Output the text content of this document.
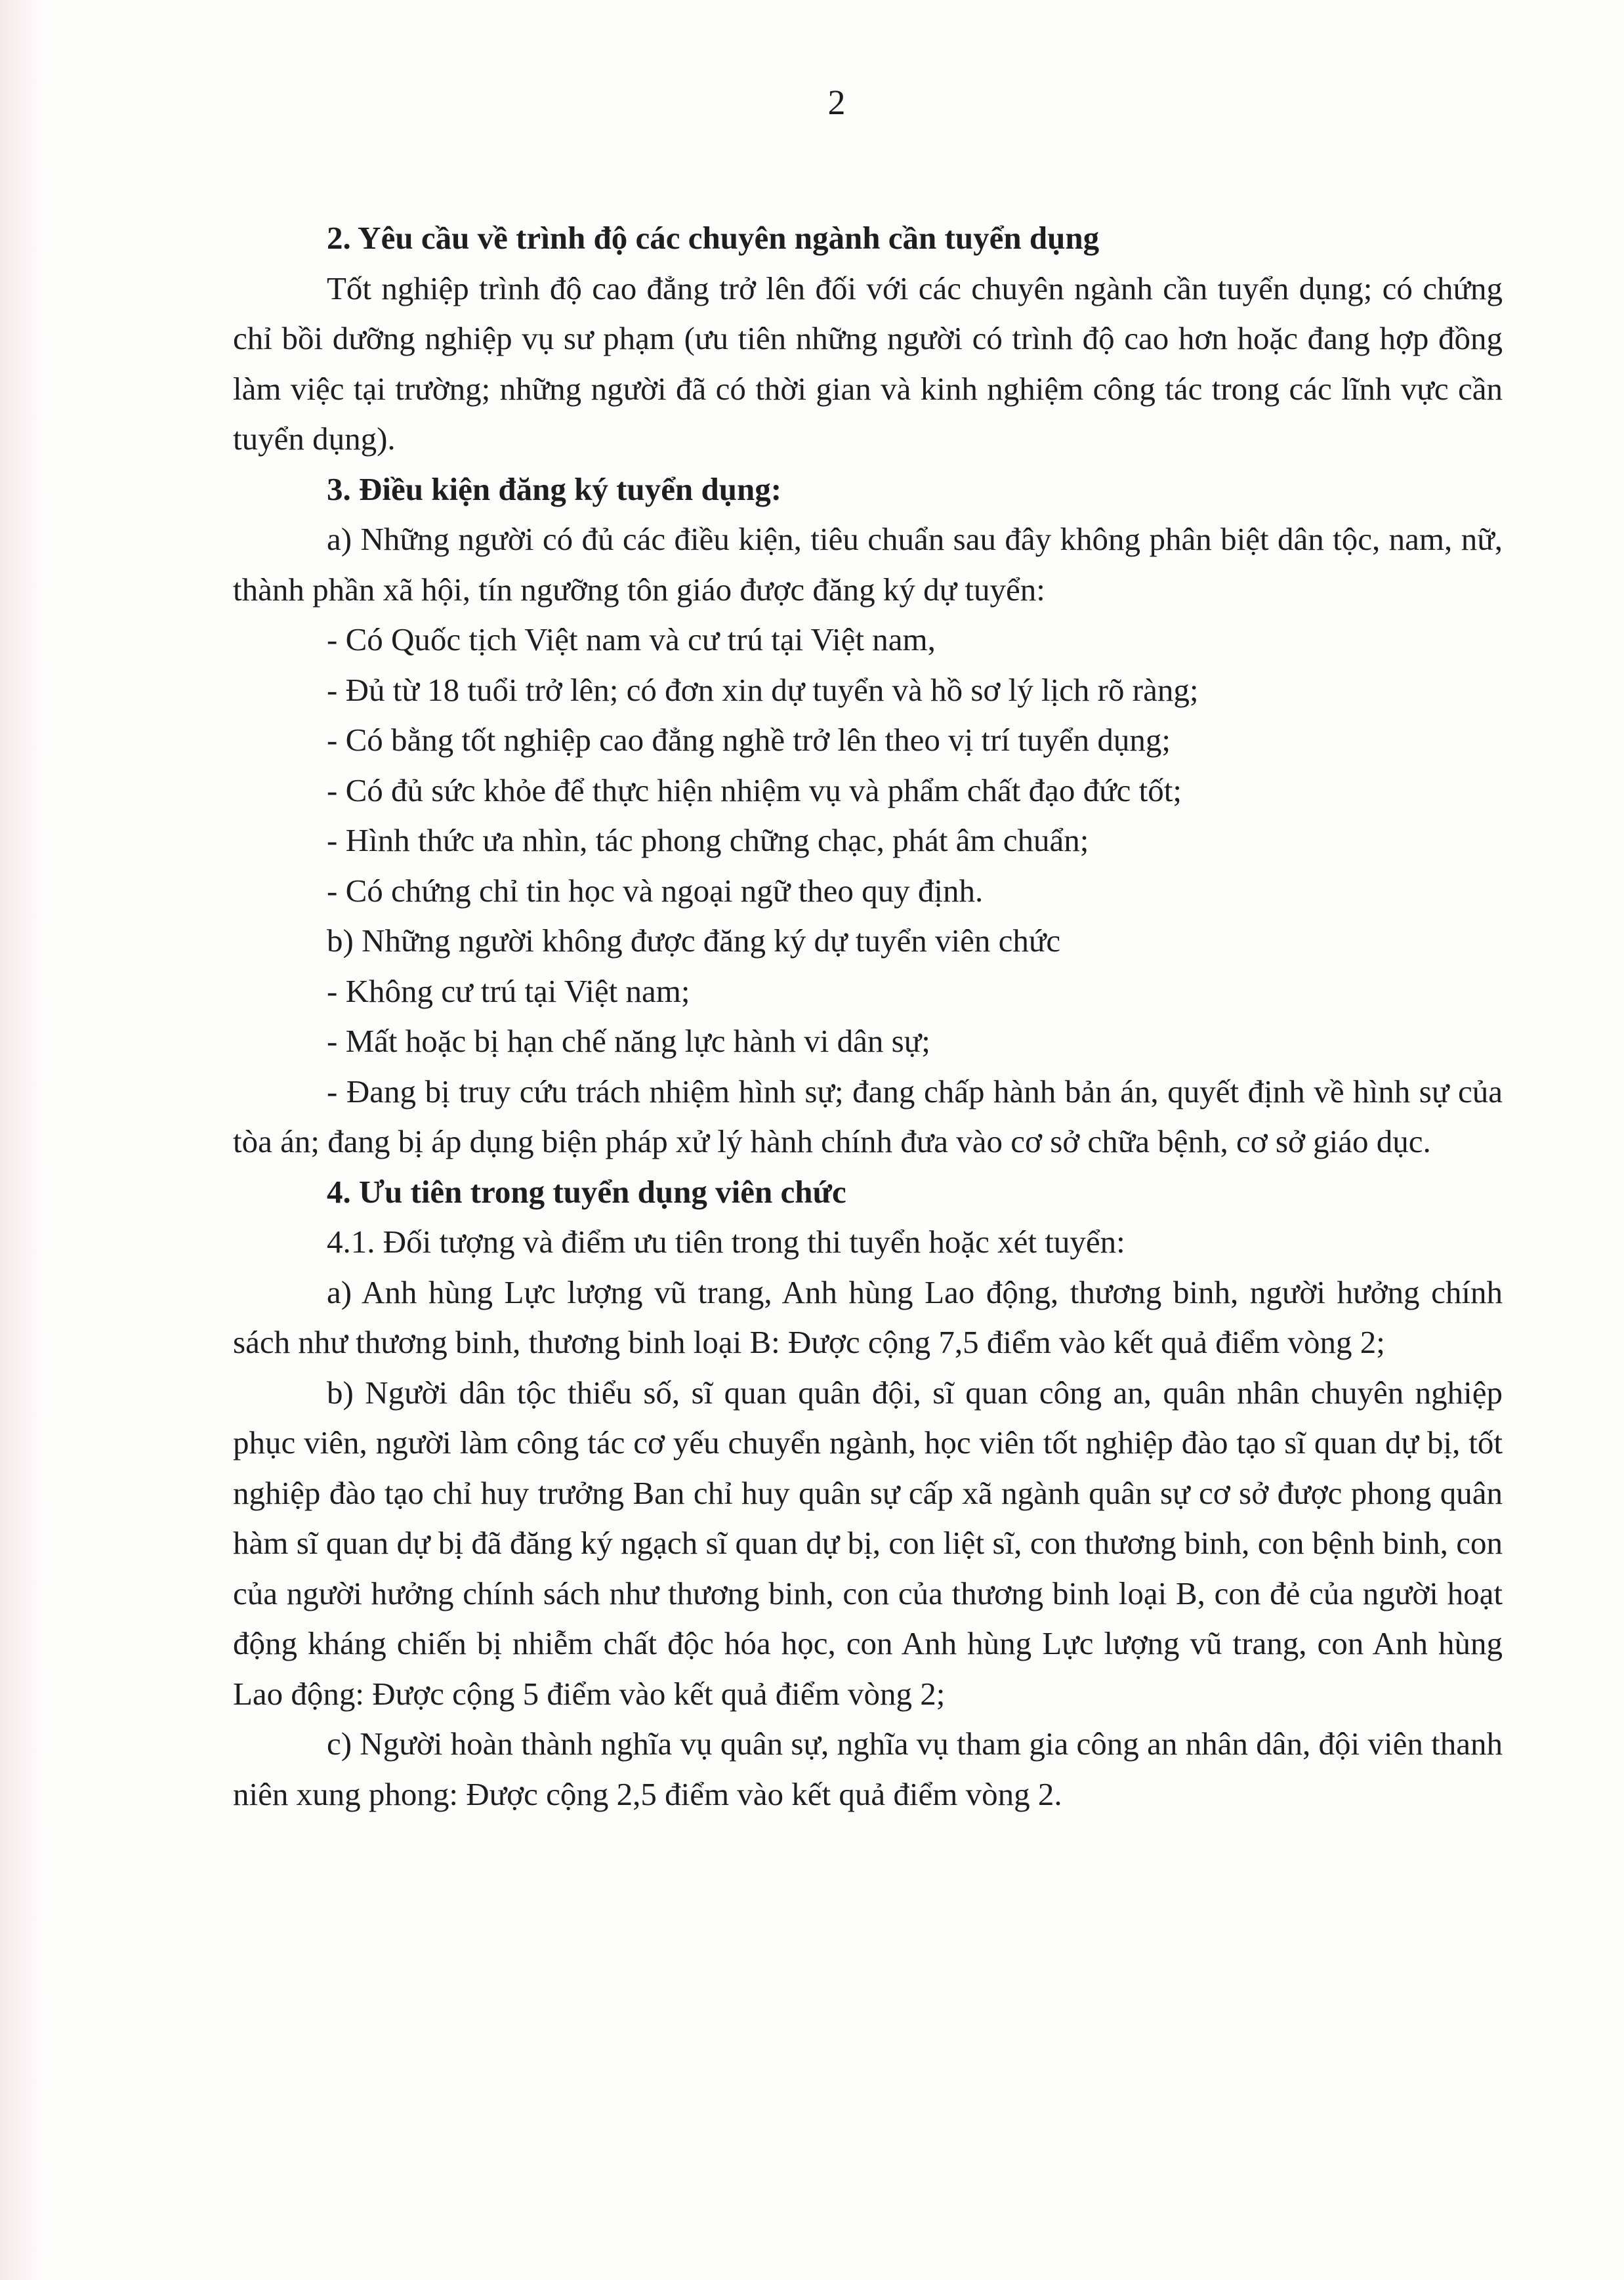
2

2. Yêu cầu về trình độ các chuyên ngành cần tuyển dụng

Tốt nghiệp trình độ cao đẳng trở lên đối với các chuyên ngành cần tuyển dụng; có chứng chỉ bồi dưỡng nghiệp vụ sư phạm (ưu tiên những người có trình độ cao hơn hoặc đang hợp đồng làm việc tại trường; những người đã có thời gian và kinh nghiệm công tác trong các lĩnh vực cần tuyển dụng).

3. Điều kiện đăng ký tuyển dụng:

a) Những người có đủ các điều kiện, tiêu chuẩn sau đây không phân biệt dân tộc, nam, nữ, thành phần xã hội, tín ngưỡng tôn giáo được đăng ký dự tuyển:

- Có Quốc tịch Việt nam và cư trú tại Việt nam,

- Đủ từ 18 tuổi trở lên; có đơn xin dự tuyển và hồ sơ lý lịch rõ ràng;

- Có bằng tốt nghiệp cao đẳng nghề trở lên theo vị trí tuyển dụng;

- Có đủ sức khỏe để thực hiện nhiệm vụ và phẩm chất đạo đức tốt;

- Hình thức ưa nhìn, tác phong chững chạc, phát âm chuẩn;

- Có chứng chỉ tin học và ngoại ngữ theo quy định.

b) Những người không được đăng ký dự tuyển viên chức

- Không cư trú tại Việt nam;

- Mất hoặc bị hạn chế năng lực hành vi dân sự;

- Đang bị truy cứu trách nhiệm hình sự; đang chấp hành bản án, quyết định về hình sự của tòa án; đang bị áp dụng biện pháp xử lý hành chính đưa vào cơ sở chữa bệnh, cơ sở giáo dục.

4. Ưu tiên trong tuyển dụng viên chức

4.1. Đối tượng và điểm ưu tiên trong thi tuyển hoặc xét tuyển:

a) Anh hùng Lực lượng vũ trang, Anh hùng Lao động, thương binh, người hưởng chính sách như thương binh, thương binh loại B: Được cộng 7,5 điểm vào kết quả điểm vòng 2;

b) Người dân tộc thiểu số, sĩ quan quân đội, sĩ quan công an, quân nhân chuyên nghiệp phục viên, người làm công tác cơ yếu chuyển ngành, học viên tốt nghiệp đào tạo sĩ quan dự bị, tốt nghiệp đào tạo chỉ huy trưởng Ban chỉ huy quân sự cấp xã ngành quân sự cơ sở được phong quân hàm sĩ quan dự bị đã đăng ký ngạch sĩ quan dự bị, con liệt sĩ, con thương binh, con bệnh binh, con của người hưởng chính sách như thương binh, con của thương binh loại B, con đẻ của người hoạt động kháng chiến bị nhiễm chất độc hóa học, con Anh hùng Lực lượng vũ trang, con Anh hùng Lao động: Được cộng 5 điểm vào kết quả điểm vòng 2;

c) Người hoàn thành nghĩa vụ quân sự, nghĩa vụ tham gia công an nhân dân, đội viên thanh niên xung phong: Được cộng 2,5 điểm vào kết quả điểm vòng 2.
